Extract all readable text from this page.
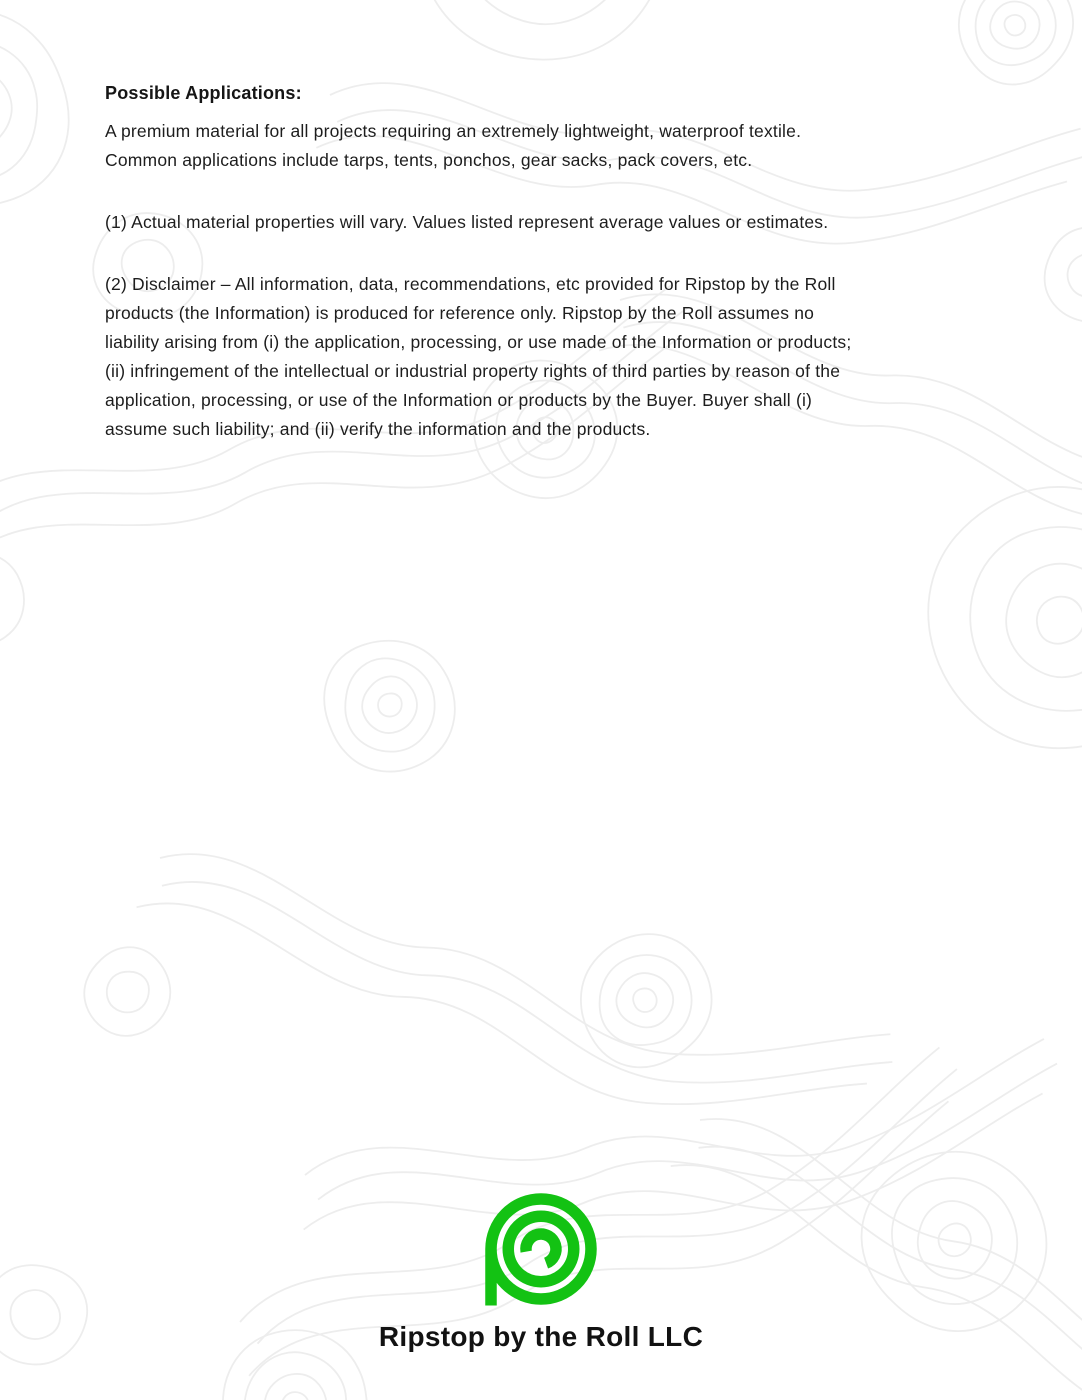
Possible Applications:
A premium material for all projects requiring an extremely lightweight, waterproof textile.
Common applications include tarps, tents, ponchos, gear sacks, pack covers, etc.
(1) Actual material properties will vary. Values listed represent average values or estimates.
(2) Disclaimer – All information, data, recommendations, etc provided for Ripstop by the Roll
products (the Information) is produced for reference only. Ripstop by the Roll assumes no
liability arising from (i) the application, processing, or use made of the Information or products;
(ii) infringement of the intellectual or industrial property rights of third parties by reason of the
application, processing, or use of the Information or products by the Buyer. Buyer shall (i)
assume such liability; and (ii) verify the information and the products.
Ripstop by the Roll LLC
